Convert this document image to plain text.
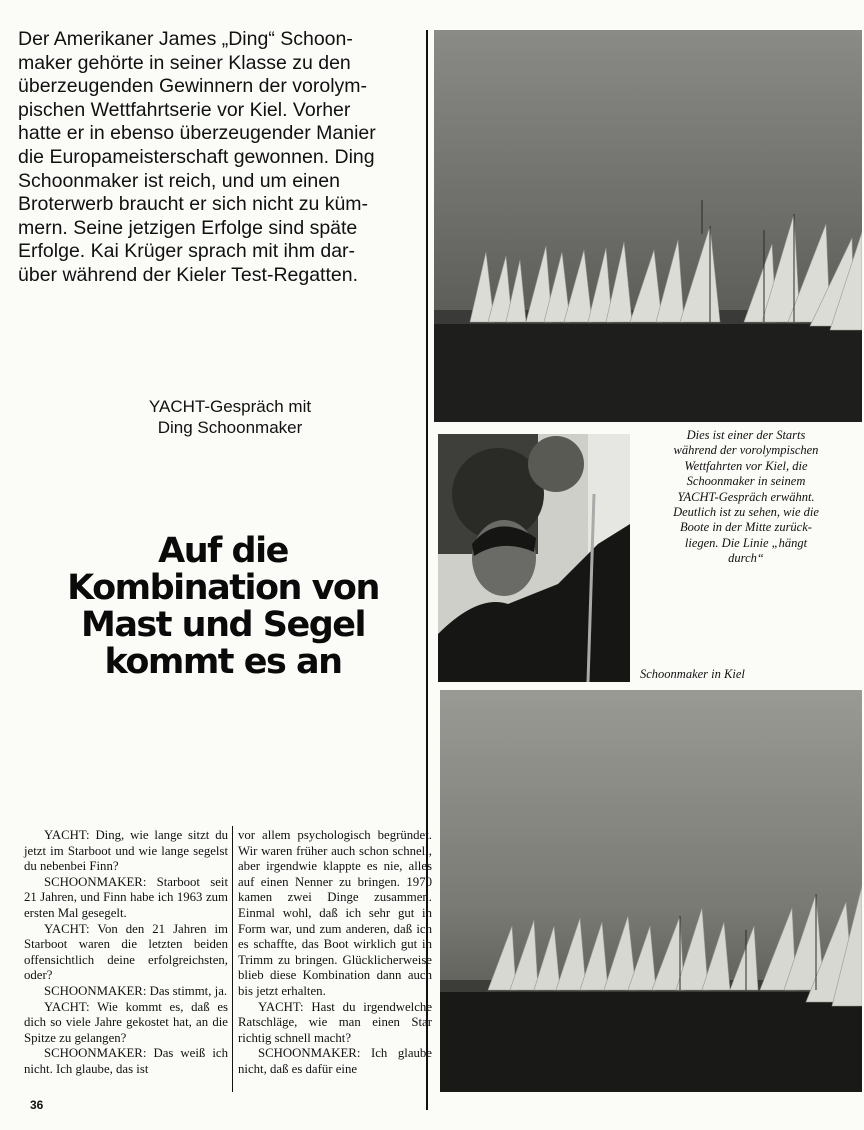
Der Amerikaner James „Ding“ Schoon-
maker gehörte in seiner Klasse zu den
überzeugenden Gewinnern der vorolym-
pischen Wettfahrtserie vor Kiel. Vorher
hatte er in ebenso überzeugender Manier
die Europameisterschaft gewonnen. Ding
Schoonmaker ist reich, und um einen
Broterwerb braucht er sich nicht zu küm-
mern. Seine jetzigen Erfolge sind späte
Erfolge. Kai Krüger sprach mit ihm dar-
über während der Kieler Test-Regatten.
YACHT-Gespräch mit
Ding Schoonmaker
Auf die
Kombination von
Mast und Segel
kommt es an

YACHT: Ding, wie lange sitzt du jetzt im Starboot und wie lange segelst du nebenbei Finn?

SCHOONMAKER: Starboot seit 21 Jahren, und Finn habe ich 1963 zum ersten Mal gesegelt.

YACHT: Von den 21 Jahren im Starboot waren die letzten beiden offensichtlich deine erfolgreichsten, oder?

SCHOONMAKER: Das stimmt, ja.

YACHT: Wie kommt es, daß es dich so viele Jahre gekostet hat, an die Spitze zu gelangen?

SCHOONMAKER: Das weiß ich nicht. Ich glaube, das ist

vor allem psychologisch begründet. Wir waren früher auch schon schnell, aber irgendwie klappte es nie, alles auf einen Nenner zu bringen. 1970 kamen zwei Dinge zusammen. Einmal wohl, daß ich sehr gut in Form war, und zum anderen, daß ich es schaffte, das Boot wirklich gut in Trimm zu bringen. Glücklicherweise blieb diese Kombination dann auch bis jetzt erhalten.

YACHT: Hast du irgendwelche Ratschläge, wie man einen Star richtig schnell macht?

SCHOONMAKER: Ich glaube nicht, daß es dafür eine

36
Dies ist einer der Starts
während der vorolympischen
Wettfahrten vor Kiel, die
Schoonmaker in seinem
YACHT-Gespräch erwähnt.
Deutlich ist zu sehen, wie die
Boote in der Mitte zurück-
liegen. Die Linie „hängt
durch“
Schoonmaker in Kiel
